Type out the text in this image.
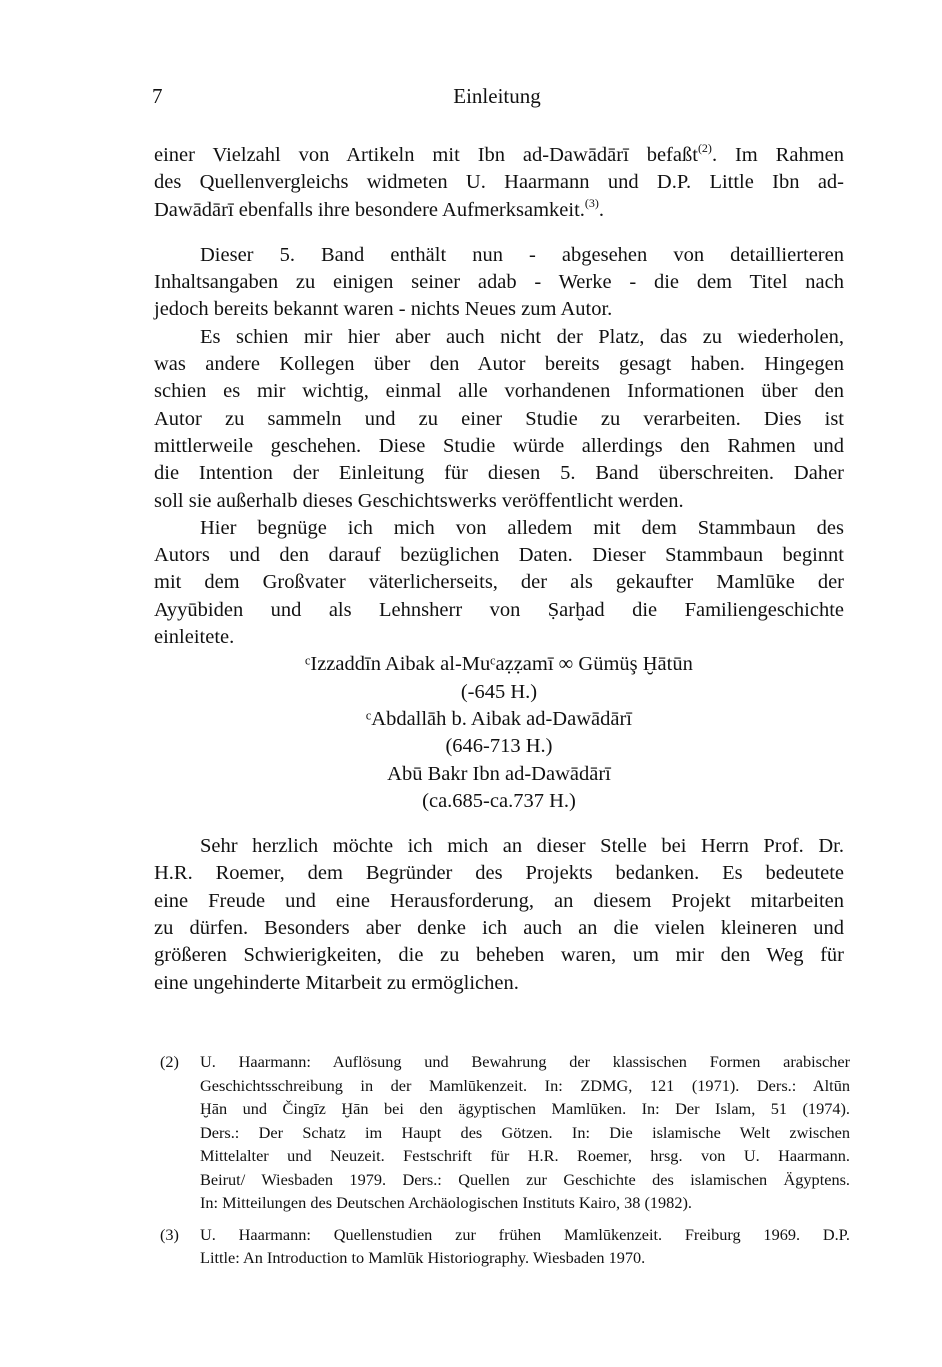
7	Einleitung

einer Vielzahl von Artikeln mit Ibn ad-Dawādārī befaßt$^{(2)}$. Im Rahmen
des Quellenvergleichs widmeten U. Haarmann und D.P. Little Ibn ad-
Dawādārī ebenfalls ihre besondere Aufmerksamkeit.$^{(3)}$.

Dieser 5. Band enthält nun - abgesehen von detaillierteren
Inhaltsangaben zu einigen seiner adab - Werke - die dem Titel nach
jedoch bereits bekannt waren - nichts Neues zum Autor.

Es schien mir hier aber auch nicht der Platz, das zu wiederholen,
was andere Kollegen über den Autor bereits gesagt haben. Hingegen
schien es mir wichtig, einmal alle vorhandenen Informationen über den
Autor zu sammeln und zu einer Studie zu verarbeiten. Dies ist
mittlerweile geschehen. Diese Studie würde allerdings den Rahmen und
die Intention der Einleitung für diesen 5. Band überschreiten. Daher
soll sie außerhalb dieses Geschichtswerks veröffentlicht werden.

Hier begnüge ich mich von alledem mit dem Stammbaun des
Autors und den darauf bezüglichen Daten. Dieser Stammbaun beginnt
mit dem Großvater väterlicherseits, der als gekaufter Mamlūke der
Ayyūbiden und als Lehnsherr von Ṣarḫad die Familiengeschichte
einleitete.

ᶜIzzaddīn Aibak al-Muᶜaẓẓamī ∞ Gümüş Ḫātūn
(-645 H.)
ᶜAbdallāh b. Aibak ad-Dawādārī
(646-713 H.)
Abū Bakr Ibn ad-Dawādārī
(ca.685-ca.737 H.)

Sehr herzlich möchte ich mich an dieser Stelle bei Herrn Prof. Dr.
H.R. Roemer, dem Begründer des Projekts bedanken. Es bedeutete
eine Freude und eine Herausforderung, an diesem Projekt mitarbeiten
zu dürfen. Besonders aber denke ich auch an die vielen kleineren und
größeren Schwierigkeiten, die zu beheben waren, um mir den Weg für
eine ungehinderte Mitarbeit zu ermöglichen.

(2) U. Haarmann: Auflösung und Bewahrung der klassischen Formen arabischer
Geschichtsschreibung in der Mamlūkenzeit. In: ZDMG, 121 (1971). Ders.: Altūn
Ḫān und Čingīz Ḫān bei den ägyptischen Mamlūken. In: Der Islam, 51 (1974).
Ders.: Der Schatz im Haupt des Götzen. In: Die islamische Welt zwischen
Mittelalter und Neuzeit. Festschrift für H.R. Roemer, hrsg. von U. Haarmann.
Beirut/ Wiesbaden 1979. Ders.: Quellen zur Geschichte des islamischen Ägyptens.
In: Mitteilungen des Deutschen Archäologischen Instituts Kairo, 38 (1982).
(3) U. Haarmann: Quellenstudien zur frühen Mamlūkenzeit. Freiburg 1969. D.P.
Little: An Introduction to Mamlūk Historiography. Wiesbaden 1970.
